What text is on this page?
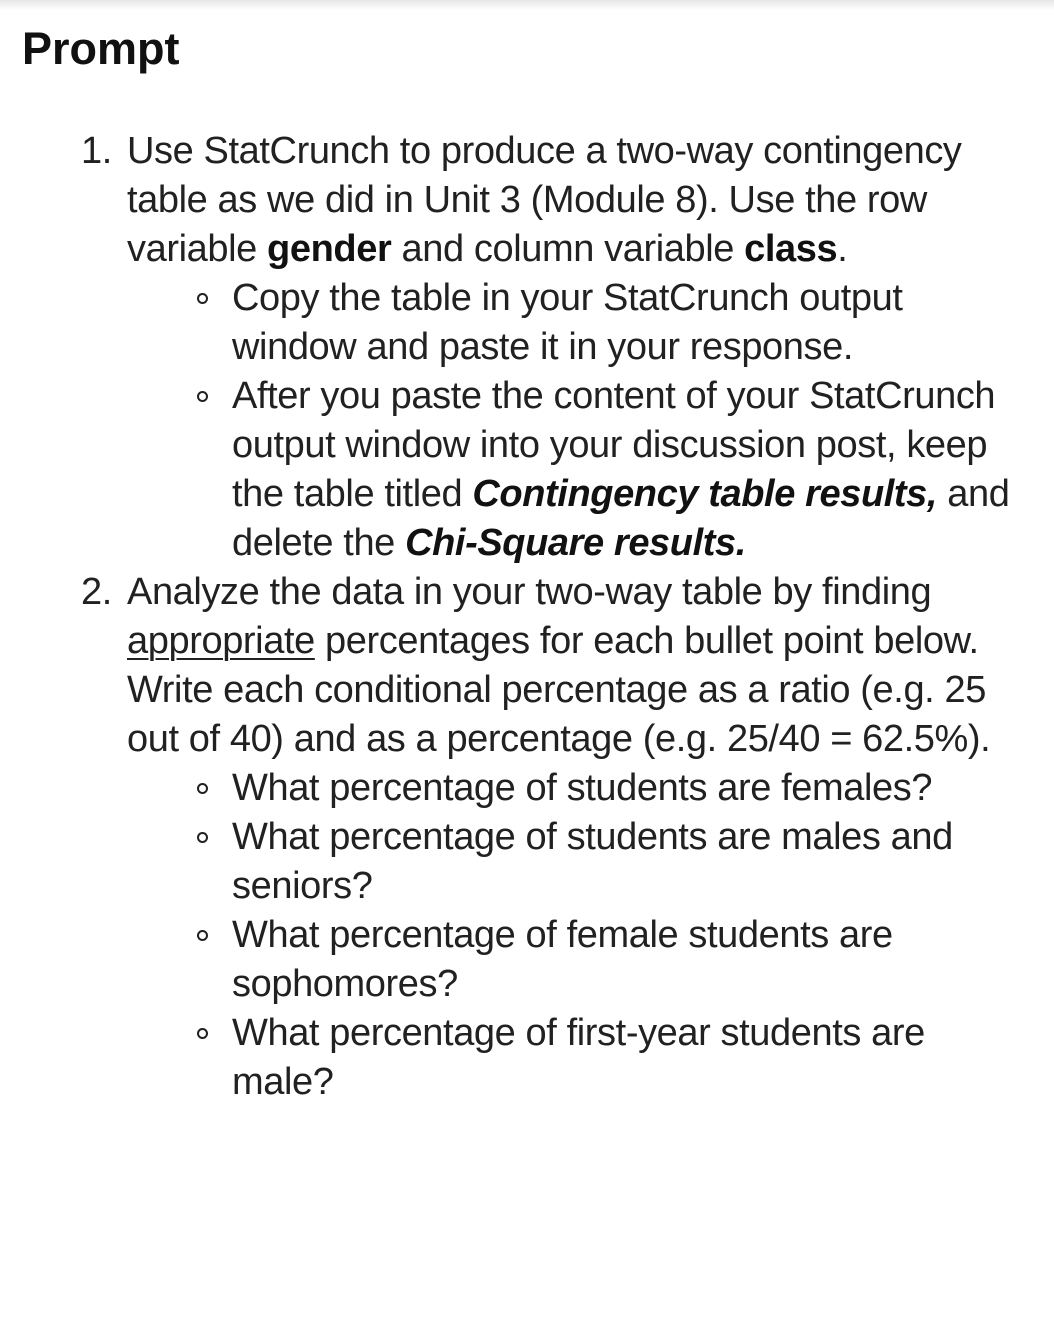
Prompt
1. Use StatCrunch to produce a two-way contingency table as we did in Unit 3 (Module 8). Use the row variable gender and column variable class.
Copy the table in your StatCrunch output window and paste it in your response.
After you paste the content of your StatCrunch output window into your discussion post, keep the table titled Contingency table results, and delete the Chi-Square results.
2. Analyze the data in your two-way table by finding appropriate percentages for each bullet point below. Write each conditional percentage as a ratio (e.g. 25 out of 40) and as a percentage (e.g. 25/40 = 62.5%).
What percentage of students are females?
What percentage of students are males and seniors?
What percentage of female students are sophomores?
What percentage of first-year students are male?
